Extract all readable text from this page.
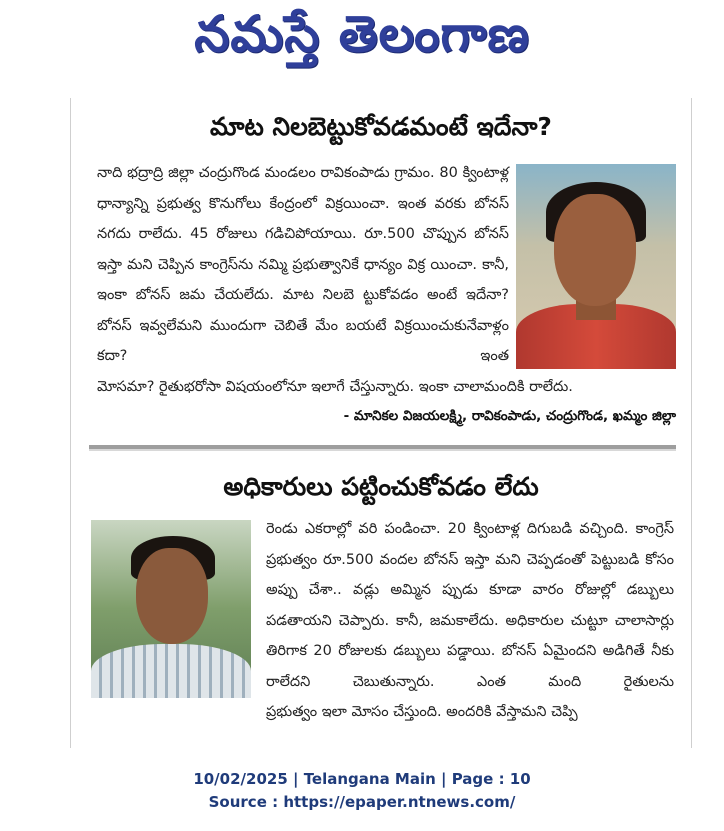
నమస్తే తెలంగాణ
మాట నిలబెట్టుకోవడమంటే ఇదేనా?
నాది భద్రాద్రి జిల్లా చంద్రుగొండ మండలం రావికంపాడు గ్రామం. 80 క్వింటాళ్ల ధాన్యాన్ని ప్రభుత్వ కొనుగోలు కేంద్రంలో విక్రయించా. ఇంత వరకు బోనస్ నగదు రాలేదు. 45 రోజులు గడిచిపోయాయి. రూ.500 చొప్పున బోనస్ ఇస్తా మని చెప్పిన కాంగ్రెస్‌ను నమ్మి ప్రభుత్వానికే ధాన్యం విక్ర యించా. కానీ, ఇంకా బోనస్ జమ చేయలేదు. మాట నిలబె ట్టుకోవడం అంటే ఇదేనా? బోనస్ ఇవ్వలేమని ముందుగా చెబితే మేం బయటే విక్రయించుకునేవాళ్లం కదా? ఇంత మోసమా? రైతుభరోసా విషయంలోనూ ఇలాగే చేస్తున్నారు. ఇంకా చాలామందికి రాలేదు.
- మానికల విజయలక్ష్మి, రావికంపాడు, చంద్రుగొండ, ఖమ్మం జిల్లా
అధికారులు పట్టించుకోవడం లేదు
రెండు ఎకరాల్లో వరి పండించా. 20 క్వింటాళ్ల దిగుబడి వచ్చింది. కాంగ్రెస్ ప్రభుత్వం రూ.500 వందల బోనస్ ఇస్తా మని చెప్పడంతో పెట్టుబడి కోసం అప్పు చేశా.. వడ్లు అమ్మిన ప్పుడు కూడా వారం రోజుల్లో డబ్బులు పడతాయని చెప్పారు. కానీ, జమకాలేదు. అధికారుల చుట్టూ చాలాసార్లు తిరిగాక 20 రోజులకు డబ్బులు పడ్డాయి. బోనస్ ఏమైందని అడిగితే నీకు రాలేదని చెబుతున్నారు. ఎంత మంది రైతులను ప్రభుత్వం ఇలా మోసం చేస్తుంది. అందరికి వేస్తామని చెప్పి
10/02/2025 | Telangana Main | Page : 10
Source : https://epaper.ntnews.com/
